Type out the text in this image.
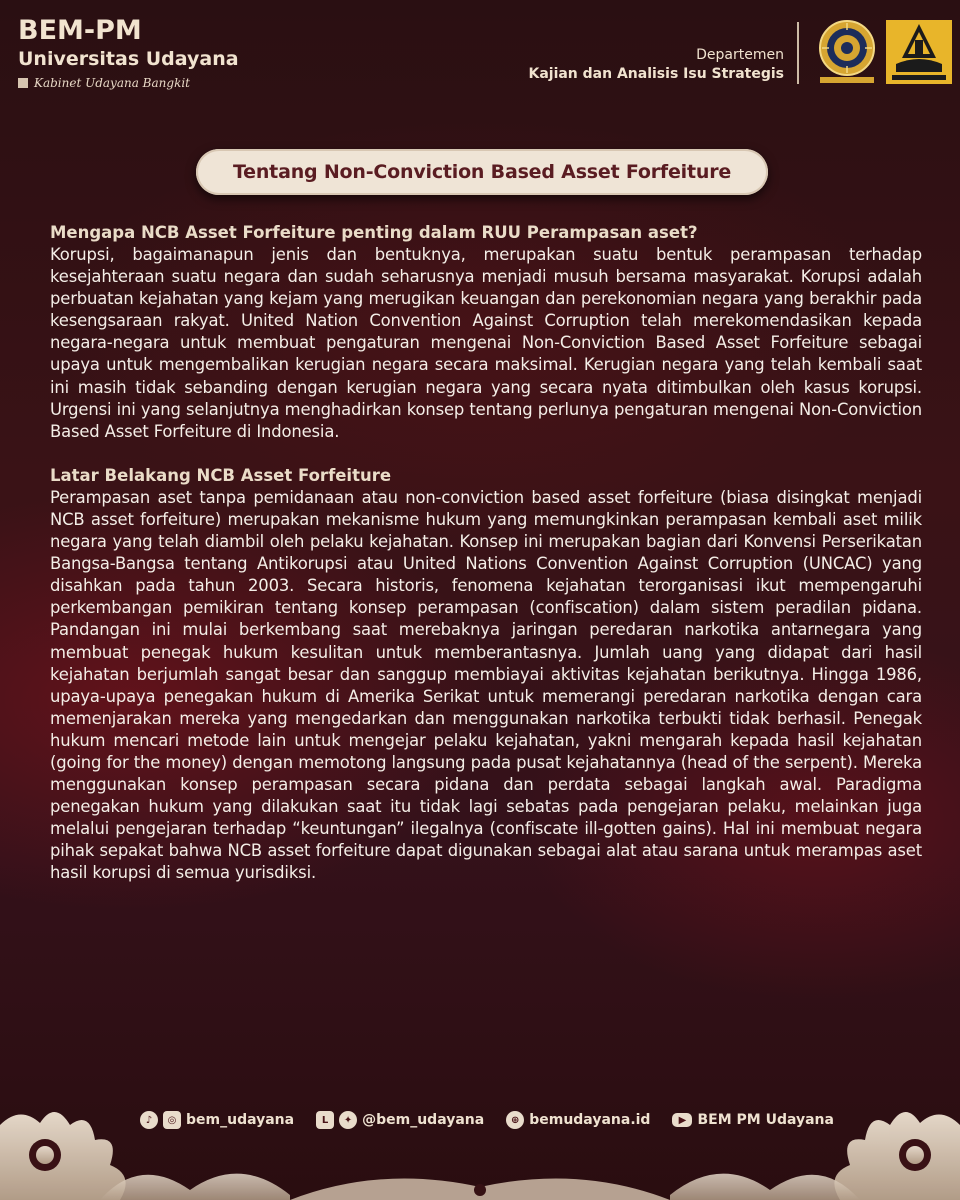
BEM-PM
Universitas Udayana
Kabinet Udayana Bangkit
Departemen
Kajian dan Analisis Isu Strategis
Tentang Non-Conviction Based Asset Forfeiture

Mengapa NCB Asset Forfeiture penting dalam RUU Perampasan aset?

Korupsi, bagaimanapun jenis dan bentuknya, merupakan suatu bentuk perampasan terhadap kesejahteraan suatu negara dan sudah seharusnya menjadi musuh bersama masyarakat. Korupsi adalah perbuatan kejahatan yang kejam yang merugikan keuangan dan perekonomian negara yang berakhir pada kesengsaraan rakyat. United Nation Convention Against Corruption telah merekomendasikan kepada negara-negara untuk membuat pengaturan mengenai Non-Conviction Based Asset Forfeiture sebagai upaya untuk mengembalikan kerugian negara secara maksimal. Kerugian negara yang telah kembali saat ini masih tidak sebanding dengan kerugian negara yang secara nyata ditimbulkan oleh kasus korupsi. Urgensi ini yang selanjutnya menghadirkan konsep tentang perlunya pengaturan mengenai Non-Conviction Based Asset Forfeiture di Indonesia.

Latar Belakang NCB Asset Forfeiture

Perampasan aset tanpa pemidanaan atau non-conviction based asset forfeiture (biasa disingkat menjadi NCB asset forfeiture) merupakan mekanisme hukum yang memungkinkan perampasan kembali aset milik negara yang telah diambil oleh pelaku kejahatan. Konsep ini merupakan bagian dari Konvensi Perserikatan Bangsa-Bangsa tentang Antikorupsi atau United Nations Convention Against Corruption (UNCAC) yang disahkan pada tahun 2003. Secara historis, fenomena kejahatan terorganisasi ikut mempengaruhi perkembangan pemikiran tentang konsep perampasan (confiscation) dalam sistem peradilan pidana. Pandangan ini mulai berkembang saat merebaknya jaringan peredaran narkotika antarnegara yang membuat penegak hukum kesulitan untuk memberantasnya. Jumlah uang yang didapat dari hasil kejahatan berjumlah sangat besar dan sanggup membiayai aktivitas kejahatan berikutnya. Hingga 1986, upaya-upaya penegakan hukum di Amerika Serikat untuk memerangi peredaran narkotika dengan cara memenjarakan mereka yang mengedarkan dan menggunakan narkotika terbukti tidak berhasil. Penegak hukum mencari metode lain untuk mengejar pelaku kejahatan, yakni mengarah kepada hasil kejahatan (going for the money) dengan memotong langsung pada pusat kejahatannya (head of the serpent). Mereka menggunakan konsep perampasan secara pidana dan perdata sebagai langkah awal. Paradigma penegakan hukum yang dilakukan saat itu tidak lagi sebatas pada pengejaran pelaku, melainkan juga melalui pengejaran terhadap “keuntungan” ilegalnya (confiscate ill-gotten gains). Hal ini membuat negara pihak sepakat bahwa NCB asset forfeiture dapat digunakan sebagai alat atau sarana untuk merampas aset hasil korupsi di semua yurisdiksi.

♪	◎ bem_udayana	L	✦ @bem_udayana	⊕ bemudayana.id	▶ BEM PM Udayana
